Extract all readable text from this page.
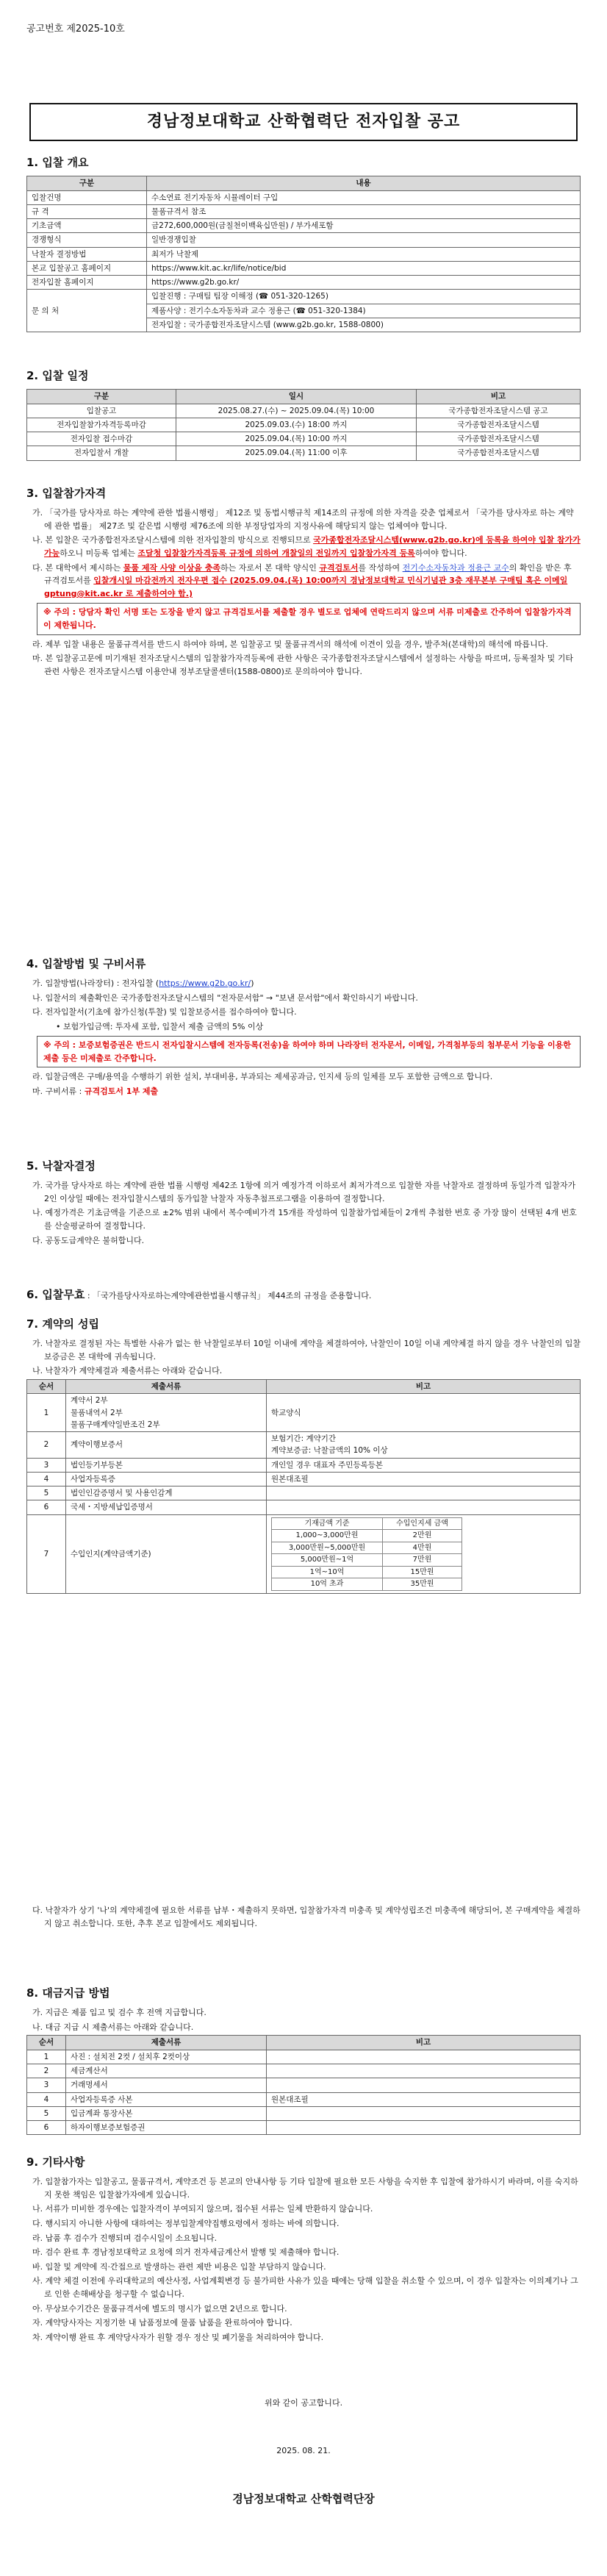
공고번호 제2025-10호
경남정보대학교 산학협력단 전자입찰 공고
1. 입찰 개요
구분	내용
입찰건명	수소연료 전기자동차 시뮬레이터 구입
규 격	물품규격서 참조
기초금액	금272,600,000원(금칠천이백육십만원) / 부가세포함
경쟁형식	일반경쟁입찰
낙찰자 결정방법	최저가 낙찰제
본교 입찰공고 홈페이지	https://www.kit.ac.kr/life/notice/bid
전자입찰 홈페이지	https://www.g2b.go.kr/
문 의 처	입찰진행 : 구매팀 팀장 이해정 (☎ 051-320-1265)
	제품사양 : 전기수소자동차과 교수 정용근 (☎ 051-320-1384)
	전자입찰 : 국가종합전자조달시스템 (www.g2b.go.kr, 1588-0800)
2. 입찰 일정
구분	일시	비고
입찰공고	2025.08.27.(수) ~ 2025.09.04.(목) 10:00	국가종합전자조달시스템 공고
전자입찰참가자격등록마감	2025.09.03.(수) 18:00 까지	국가종합전자조달시스템
전자입찰 접수마감	2025.09.04.(목) 10:00 까지	국가종합전자조달시스템
전자입찰서 개찰	2025.09.04.(목) 11:00 이후	국가종합전자조달시스템
3. 입찰참가자격

가. 「국가를 당사자로 하는 계약에 관한 법률시행령」 제12조 및 동법시행규칙 제14조의 규정에 의한 자격을 갖춘 업체로서 「국가를 당사자로 하는 계약에 관한 법률」 제27조 및 같은법 시행령 제76조에 의한 부정당업자의 지정사유에 해당되지 않는 업체여야 합니다.

나. 본 입찰은 국가종합전자조달시스템에 의한 전자입찰의 방식으로 진행되므로 국가종합전자조달시스템(www.g2b.go.kr)에 등록을 하여야 입찰 참가가 가능하오니 미등록 업체는 조달청 입찰참가자격등록 규정에 의하여 개찰일의 전일까지 입찰참가자격 등록하여야 합니다.

다. 본 대학에서 제시하는 물품 제작 사양 이상을 충족하는 자로서 본 대학 양식인 규격검토서를 작성하여 전기수소자동차과 정용근 교수의 확인을 받은 후 규격검토서를 입찰개시일 마감전까지 전자우편 접수 (2025.09.04.(목) 10:00까지 경남정보대학교 민식기념관 3층 재무본부 구매팀 혹은 이메일 gptung@kit.ac.kr 로 제출하여야 함.)

※ 주의 : 당담자 확인 서명 또는 도장을 받지 않고 규격검토서를 제출할 경우 별도로 업체에 연락드리지 않으며 서류 미제출로 간주하여 입찰참가자격이 제한됩니다.

라. 제부 입찰 내용은 물품규격서를 반드시 하여야 하며, 본 입찰공고 및 물품규격서의 해석에 이견이 있을 경우, 발주처(본대학)의 해석에 따릅니다.

마. 본 입찰공고문에 미기재된 전자조달시스템의 입찰참가자격등록에 관한 사항은 국가종합전자조달시스템에서 설정하는 사항을 따르며, 등록절차 및 기타 관련 사항은 전자조달시스템 이용안내 정부조달콜센터(1588-0800)로 문의하여야 합니다.

4. 입찰방법 및 구비서류

가. 입찰방법(나라장터) : 전자입찰 (https://www.g2b.go.kr/)

나. 입찰서의 제출확인은 국가종합전자조달시스템의 "전자문서함" → "보낸 문서함"에서 확인하시기 바랍니다.

다. 전자입찰서(기초에 참가신청(투찰) 및 입찰보증서를 접수하여야 합니다.

• 보험가입금액: 투자세 포함, 입찰서 제출 금액의 5% 이상

※ 주의 : 보증보험증권은 반드시 전자입찰시스템에 전자등록(전송)을 하여야 하며 나라장터 전자문서, 이메일, 가격첨부등의 첨부문서 기능을 이용한 제출 등은 미제출로 간주합니다.

라. 입찰금액은 구매/용역을 수행하기 위한 설치, 부대비용, 부과되는 제세공과금, 인지세 등의 일체를 모두 포함한 금액으로 합니다.

마. 구비서류 : 규격검토서 1부 제출

5. 낙찰자결정

가. 국가를 당사자로 하는 계약에 관한 법률 시행령 제42조 1항에 의거 예정가격 이하로서 최저가격으로 입찰한 자를 낙찰자로 결정하며 동일가격 입찰자가 2인 이상일 때에는 전자입찰시스템의 동가입찰 낙찰자 자동추첨프로그램을 이용하여 결정합니다.

나. 예정가격은 기초금액을 기준으로 ±2% 범위 내에서 복수예비가격 15개를 작성하여 입찰참가업체들이 2개씩 추첨한 번호 중 가장 많이 선택된 4개 번호를 산술평균하여 결정합니다.

다. 공동도급계약은 불허합니다.

6. 입찰무효 : 「국가를당사자로하는계약에관한법률시행규칙」 제44조의 규정을 준용합니다.
7. 계약의 성립

가. 낙찰자로 결정된 자는 특별한 사유가 없는 한 낙찰일로부터 10일 이내에 계약을 체결하여야, 낙찰인이 10일 이내 계약체결 하지 않을 경우 낙찰인의 입찰보증금은 본 대학에 귀속됩니다.

나. 낙찰자가 계약체결과 제출서류는 아래와 같습니다.

순서	제출서류	비고
1	
계약서 2부
물품내역서 2부
물품구매계약일반조건 2부
	학교양식
2	계약이행보증서	보험기간: 계약기간
계약보증금: 낙찰금액의 10% 이상
3	법인등기부등본	개인일 경우 대표자 주민등록등본
4	사업자등록증	원본대조필
5	법인인감증명서 및 사용인감계	
6	국세・지방세납입증명서	
7	수입인지(계약금액기준)	
기재금액 기준	수입인지세 금액
1,000~3,000만원	2만원
3,000만원~5,000만원	4만원
5,000만원~1억	7만원
1억~10억	15만원
10억 초과	35만원

다. 낙찰자가 상기 '나'의 계약체결에 필요한 서류를 납부・제출하지 못하면, 입찰참가자격 미충족 및 계약성립조건 미충족에 해당되어, 본 구매계약을 체결하지 않고 취소합니다. 또한, 추후 본교 입찰에서도 제외됩니다.

8. 대금지급 방법

가. 지급은 제품 입고 및 검수 후 전액 지급합니다.

나. 대금 지급 시 제출서류는 아래와 같습니다.

순서	제출서류	비고
1	사진 : 설치전 2컷 / 설치후 2컷이상	
2	세금계산서	
3	거래명세서	
4	사업자등록증 사본	원본대조필
5	입금계좌 통장사본	
6	하자이행보증보험증권	
9. 기타사항

가. 입찰참가자는 입찰공고, 물품규격서, 계약조건 등 본교의 안내사항 등 기타 입찰에 필요한 모든 사항을 숙지한 후 입찰에 참가하시기 바라며, 이를 숙지하지 못한 책임은 입찰참가자에게 있습니다.

나. 서류가 미비한 경우에는 입찰자격이 부여되지 않으며, 접수된 서류는 일체 반환하지 않습니다.

다. 행시되지 아니한 사항에 대하여는 정부입찰계약집행요령에서 정하는 바에 의합니다.

라. 납품 후 검수가 진행되며 검수시일이 소요됩니다.

마. 검수 완료 후 경남정보대학교 요청에 의거 전자세금계산서 발행 및 제출해야 합니다.

바. 입찰 및 계약에 직·간접으로 발생하는 관련 제반 비용은 입찰 부담하지 않습니다.

사. 계약 체결 이전에 우리대학교의 예산사정, 사업계획변경 등 불가피한 사유가 있을 때에는 당해 입찰을 취소할 수 있으며, 이 경우 입찰자는 이의제기나 그로 인한 손해배상을 청구할 수 없습니다.

아. 무상보수기간은 물품규격서에 별도의 명시가 없으면 2년으로 합니다.

자. 계약당사자는 지정기한 내 납품정보에 물품 납품을 완료하여야 합니다.

차. 계약이행 완료 후 계약당사자가 원할 경우 정산 및 폐기물을 처리하여야 합니다.

위와 같이 공고합니다.
2025. 08. 21.
경남정보대학교 산학협력단장
